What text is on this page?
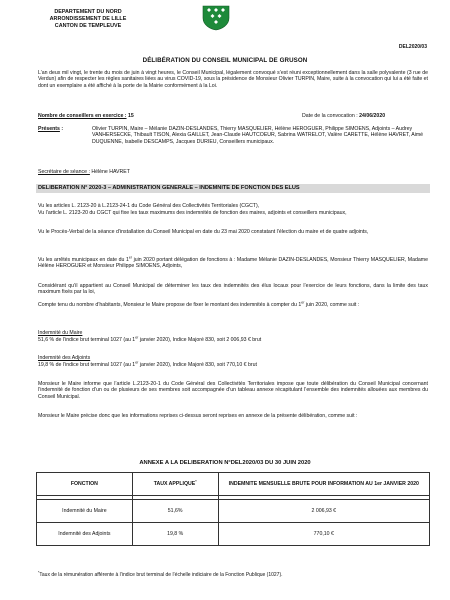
DEPARTEMENT DU NORD
ARRONDISSEMENT DE LILLE
CANTON DE TEMPLEUVE
DEL2020/03
DÉLIBÉRATION DU CONSEIL MUNICIPAL DE GRUSON
L’an deux mil vingt, le trente du mois de juin à vingt heures, le Conseil Municipal, légalement convoqué s’est réuni exceptionnellement dans la salle polyvalente (3 rue de Verdun) afin de respecter les règles sanitaires liées au virus COVID-19, sous la présidence de Monsieur Olivier TURPIN, Maire, suite à la convocation qui lui a été faite et dont un exemplaire a été affiché à la porte de la Mairie conformément à la Loi.
Nombre de conseillers en exercice : 15	Date de la convocation : 24/06/2020
Présents :	Olivier TURPIN, Maire – Mélanie DAZIN-DESLANDES, Thierry MASQUELIER, Hélène HEROGUER, Philippe SIMOENS, Adjoints – Audrey VANHERSECKE, Thibault TISON, Alexia GAILLET, Jean-Claude HAUTCOEUR, Sabrina WATRELOT, Valère CARETTE, Hélène HAVRET, Aimé DUQUENNE, Isabelle DESCAMPS, Jacques DURIEU, Conseillers municipaux.
Secrétaire de séance : Hélène HAVRET
DELIBERATION N° 2020-3 – ADMINISTRATION GENERALE – INDEMNITE DE FONCTION DES ELUS
Vu les articles L. 2123-20 à L.2123-24-1 du Code Général des Collectivités Territoriales (CGCT),
Vu l’article L. 2123-20 du CGCT qui fixe les taux maximums des indemnités de fonction des maires, adjoints et conseillers municipaux,
Vu le Procès-Verbal de la séance d’installation du Conseil Municipal en date du 23 mai 2020 constatant l’élection du maire et de quatre adjoints,
Vu les arrêtés municipaux en date du 1er juin 2020 portant délégation de fonctions à : Madame Mélanie DAZIN-DESLANDES, Monsieur Thierry MASQUELIER, Madame Hélène HEROGUER et Monsieur Philippe SIMOENS, Adjoints,
Considérant qu’il appartient au Conseil Municipal de déterminer les taux des indemnités des élus locaux pour l’exercice de leurs fonctions, dans la limite des taux maximum fixés par la loi,
Compte tenu du nombre d’habitants, Monsieur le Maire propose de fixer le montant des indemnités à compter du 1er juin 2020, comme suit :
Indemnité du Maire
51,6 % de l’indice brut terminal 1027 (au 1er janvier 2020), Indice Majoré 830, soit 2 006,93 € brut
Indemnité des Adjoints
19,8 % de l’indice brut terminal 1027 (au 1er janvier 2020), Indice Majoré 830, soit 770,10 € brut
Monsieur le Maire informe que l’article L.2123-20-1 du Code Général des Collectivités Territoriales impose que toute délibération du Conseil Municipal concernant l’indemnité de fonction d’un ou de plusieurs de ses membres soit accompagnée d’un tableau annexe récapitulant l’ensemble des indemnités allouées aux membres du Conseil Municipal.
Monsieur le Maire précise donc que les informations reprises ci-dessus seront reprises en annexe de la présente délibération, comme suit :
ANNEXE A LA DELIBERATION N°DEL2020/03 DU 30 JUIN 2020
FONCTION	TAUX APPLIQUE*	INDEMNITE MENSUELLE BRUTE POUR INFORMATION AU 1er JANVIER 2020

Indemnité du Maire	51,6%	2 006,93 €
Indemnité des Adjoints	19,8 %	770,10 €
*Taux de la rémunération afférente à l’indice brut terminal de l’échelle indiciaire de la Fonction Publique (1027).
